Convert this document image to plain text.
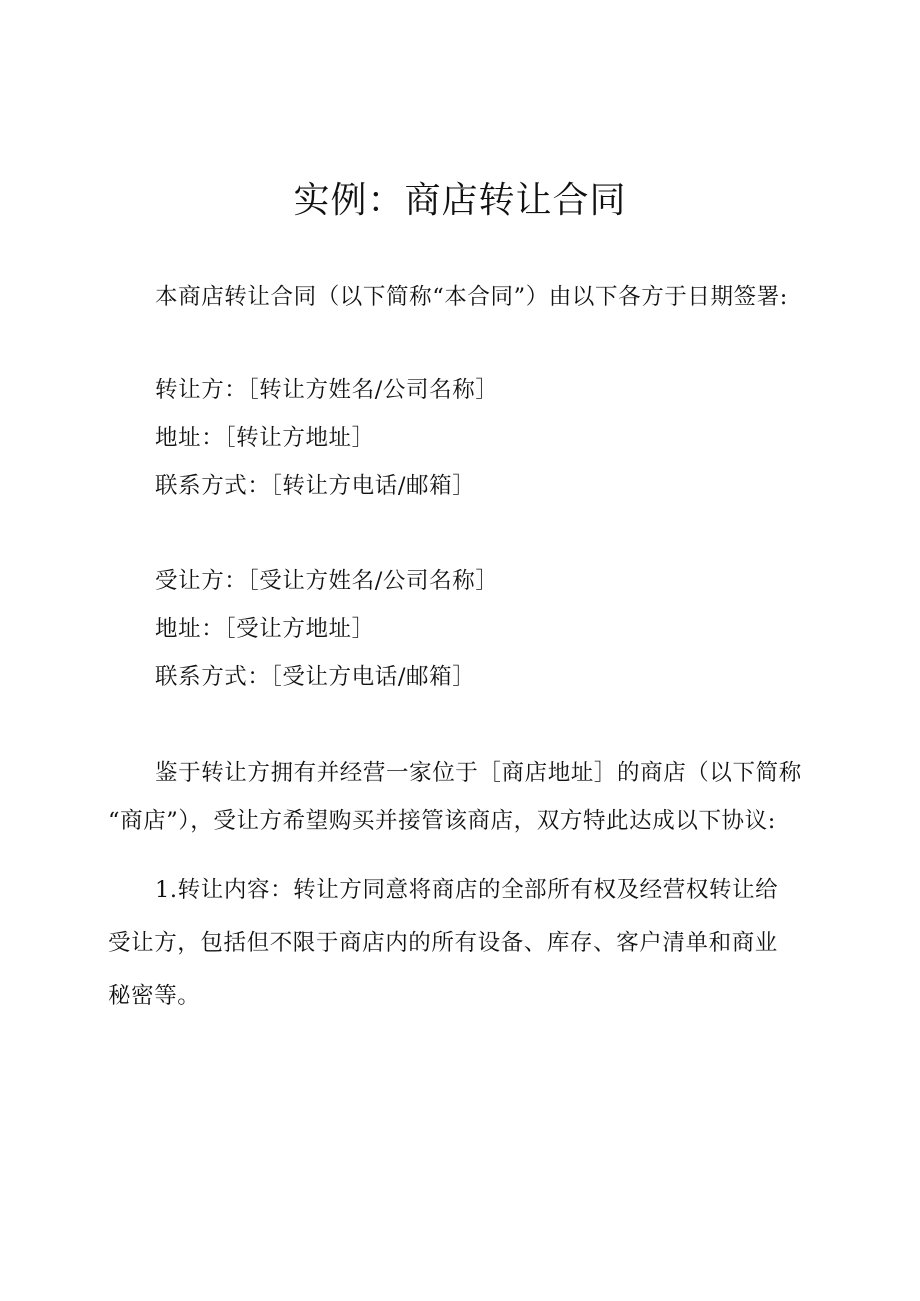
实例：商店转让合同
本商店转让合同（以下简称“本合同”）由以下各方于日期签署:
转让方：［转让方姓名/公司名称］
地址：［转让方地址］
联系方式：［转让方电话/邮箱］
受让方：［受让方姓名/公司名称］
地址：［受让方地址］
联系方式：［受让方电话/邮箱］
鉴于转让方拥有并经营一家位于［商店地址］的商店（以下简称
“商店”），受让方希望购买并接管该商店，双方特此达成以下协议:
1.转让内容：转让方同意将商店的全部所有权及经营权转让给
受让方，包括但不限于商店内的所有设备、库存、客户清单和商业
秘密等。
